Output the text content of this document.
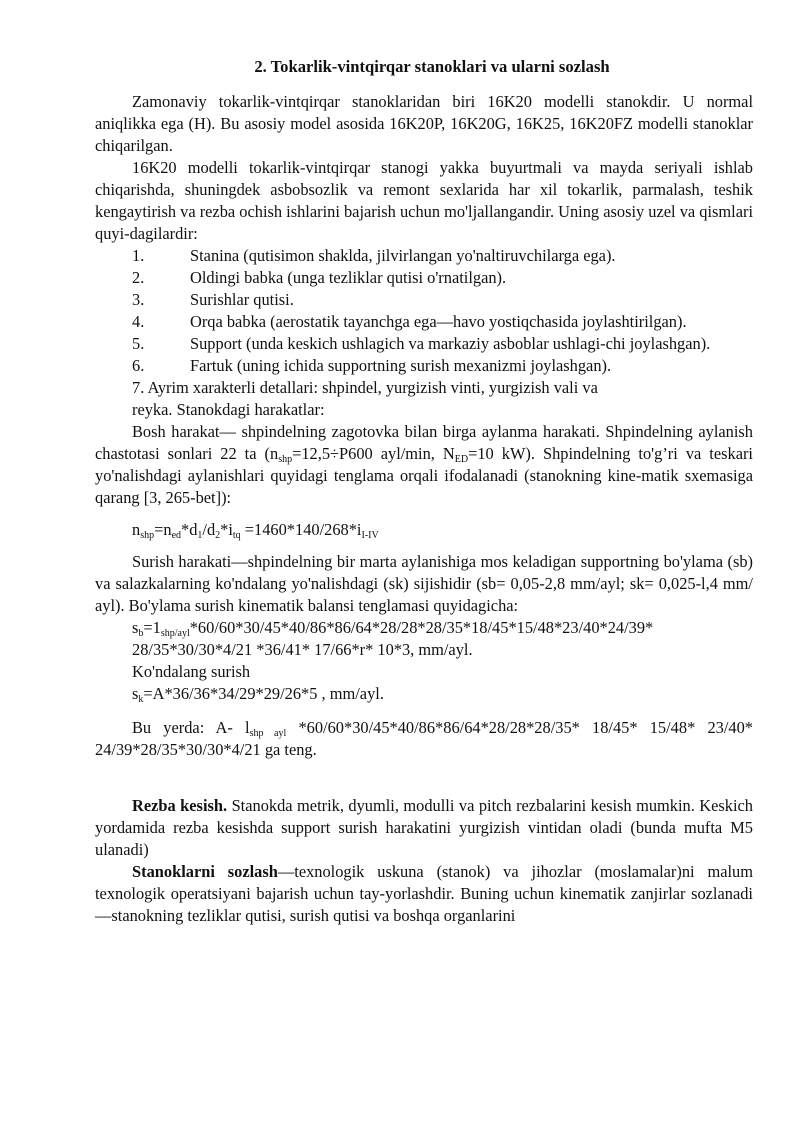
2. Tokarlik-vintqirqar stanoklari va ularni sozlash

Zamonaviy tokarlik-vintqirqar stanoklaridan biri 16K20 modelli stanokdir. U normal aniqlikka ega (H). Bu asosiy model asosida 16K20P, 16K20G, 16K25, 16K20FZ modelli stanoklar chiqarilgan.

16K20 modelli tokarlik-vintqirqar stanogi yakka buyurtmali va mayda seriyali ishlab chiqarishda, shuningdek asbobsozlik va remont sexlarida har xil tokarlik, parmalash, teshik kengaytirish va rezba ochish ishlarini bajarish uchun mo'ljallangandir. Uning asosiy uzel va qismlari quyi-dagilardir:

1.	Stanina (qutisimon shaklda, jilvirlangan yo'naltiruvchilarga ega).
2.	Oldingi babka (unga tezliklar qutisi o'rnatilgan).
3.	Surishlar qutisi.

4.	Orqa babka (aerostatik tayanchga ega—havo yostiqchasida joylashtirilgan).

5.	Support (unda keskich ushlagich va markaziy asboblar ushlagi-chi joylashgan).

6.	Fartuk (uning ichida supportning surish mexanizmi joylashgan).
7. Ayrim xarakterli detallari: shpindel, yurgizish vinti, yurgizish vali va
reyka. Stanokdagi harakatlar:

Bosh harakat— shpindelning zagotovka bilan birga aylanma harakati. Shpindelning aylanish chastotasi sonlari 22 ta ($n_{shp}=12,5\div P600$ ayl/min, $N_{ED}=10$ kW). Shpindelning to'g’ri va teskari yo'nalishdagi aylanishlari quyidagi tenglama orqali ifodalanadi (stanokning kine-matik sxemasiga qarang [3, 265-bet]):

$n_{shp}=n_{ed}*d_1/d_2*i_{tq} =1460*140/268*i_{I-IV}$

Surish harakati—shpindelning bir marta aylanishiga mos keladigan supportning bo'ylama (sb) va salazkalarning ko'ndalang yo'nalishdagi (sk) sijishidir (sb= 0,05-2,8 mm/ayl; sk= 0,025-l,4 mm/ ayl). Bo'ylama surish kinematik balansi tenglamasi quyidagicha:

$s_b=1_{shp/ayl}*60/60*30/45*40/86*86/64*28/28*28/35*18/45*15/48*23/40*24/39*$
28/35*30/30*4/21 *36/41* 17/66*r* 10*3, mm/ayl.
Ko'ndalang surish
$s_k=A*36/36*34/29*29/26*5$ , mm/ayl.

Bu yerda: A- $l_{shp ayl}$ *60/60*30/45*40/86*86/64*28/28*28/35* 18/45* 15/48* 23/40* 24/39*28/35*30/30*4/21 ga teng.

Rezba kesish. Stanokda metrik, dyumli, modulli va pitch rezbalarini kesish mumkin. Keskich yordamida rezba kesishda support surish harakatini yurgizish vintidan oladi (bunda mufta M5 ulanadi)

Stanoklarni sozlash—texnologik uskuna (stanok) va jihozlar (moslamalar)ni malum texnologik operatsiyani bajarish uchun tay-yorlashdir. Buning uchun kinematik zanjirlar sozlanadi—stanokning tezliklar qutisi, surish qutisi va boshqa organlarini
